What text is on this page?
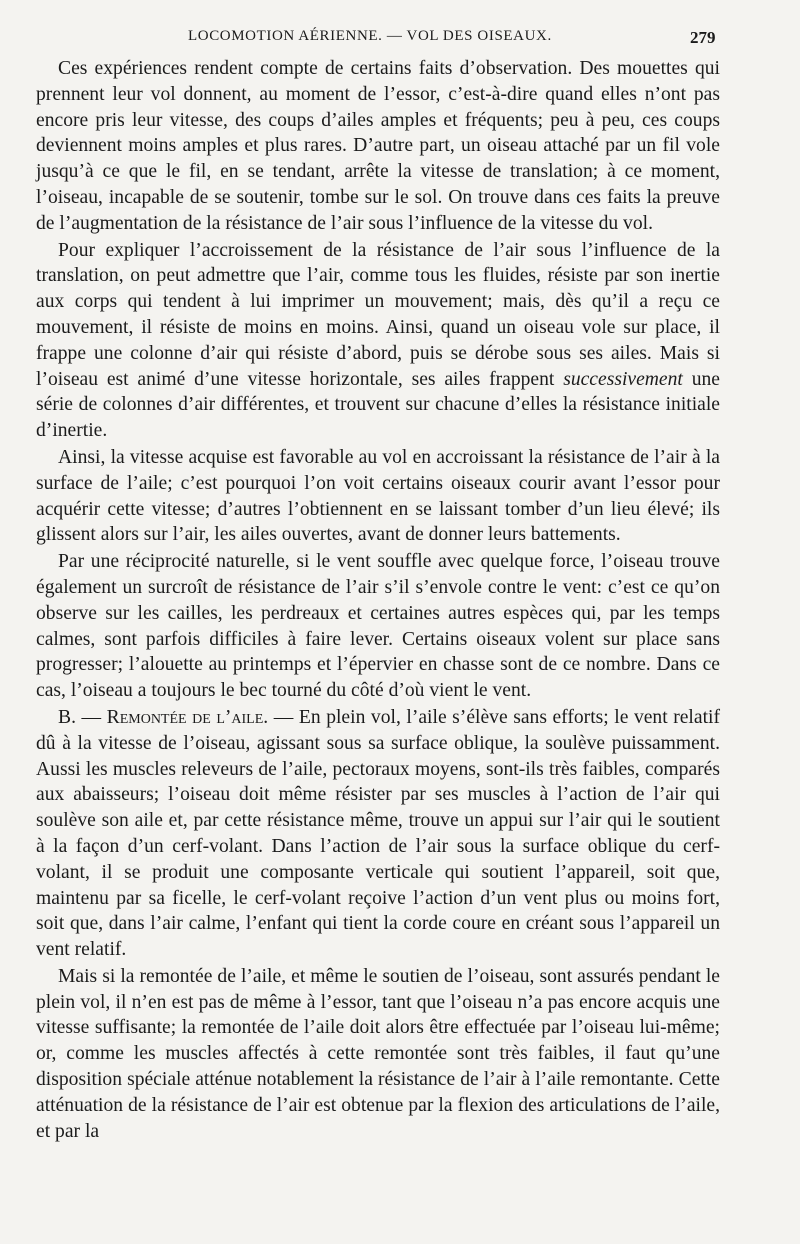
LOCOMOTION AÉRIENNE. — VOL DES OISEAUX.	279

Ces expériences rendent compte de certains faits d’observation. Des mouettes qui prennent leur vol donnent, au moment de l’essor, c’est-à-dire quand elles n’ont pas encore pris leur vitesse, des coups d’ailes amples et fréquents; peu à peu, ces coups deviennent moins amples et plus rares. D’autre part, un oiseau attaché par un fil vole jusqu’à ce que le fil, en se tendant, arrête la vitesse de translation; à ce moment, l’oiseau, incapable de se soutenir, tombe sur le sol. On trouve dans ces faits la preuve de l’augmentation de la résistance de l’air sous l’influence de la vitesse du vol.

Pour expliquer l’accroissement de la résistance de l’air sous l’influence de la translation, on peut admettre que l’air, comme tous les fluides, résiste par son inertie aux corps qui tendent à lui imprimer un mouvement; mais, dès qu’il a reçu ce mouvement, il résiste de moins en moins. Ainsi, quand un oiseau vole sur place, il frappe une colonne d’air qui résiste d’abord, puis se dérobe sous ses ailes. Mais si l’oiseau est animé d’une vitesse horizontale, ses ailes frappent successivement une série de colonnes d’air différentes, et trouvent sur chacune d’elles la résistance initiale d’inertie.

Ainsi, la vitesse acquise est favorable au vol en accroissant la résistance de l’air à la surface de l’aile; c’est pourquoi l’on voit certains oiseaux courir avant l’essor pour acquérir cette vitesse; d’autres l’obtiennent en se laissant tomber d’un lieu élevé; ils glissent alors sur l’air, les ailes ouvertes, avant de donner leurs battements.

Par une réciprocité naturelle, si le vent souffle avec quelque force, l’oiseau trouve également un surcroît de résistance de l’air s’il s’envole contre le vent: c’est ce qu’on observe sur les cailles, les perdreaux et certaines autres espèces qui, par les temps calmes, sont parfois difficiles à faire lever. Certains oiseaux volent sur place sans progresser; l’alouette au printemps et l’épervier en chasse sont de ce nombre. Dans ce cas, l’oiseau a toujours le bec tourné du côté d’où vient le vent.

B. — Remontée de l’aile. — En plein vol, l’aile s’élève sans efforts; le vent relatif dû à la vitesse de l’oiseau, agissant sous sa surface oblique, la soulève puissamment. Aussi les muscles releveurs de l’aile, pectoraux moyens, sont-ils très faibles, comparés aux abaisseurs; l’oiseau doit même résister par ses muscles à l’action de l’air qui soulève son aile et, par cette résistance même, trouve un appui sur l’air qui le soutient à la façon d’un cerf-volant. Dans l’action de l’air sous la surface oblique du cerf-volant, il se produit une composante verticale qui soutient l’appareil, soit que, maintenu par sa ficelle, le cerf-volant reçoive l’action d’un vent plus ou moins fort, soit que, dans l’air calme, l’enfant qui tient la corde coure en créant sous l’appareil un vent relatif.

Mais si la remontée de l’aile, et même le soutien de l’oiseau, sont assurés pendant le plein vol, il n’en est pas de même à l’essor, tant que l’oiseau n’a pas encore acquis une vitesse suffisante; la remontée de l’aile doit alors être effectuée par l’oiseau lui-même; or, comme les muscles affectés à cette remontée sont très faibles, il faut qu’une disposition spéciale atténue notablement la résistance de l’air à l’aile remontante. Cette atténuation de la résistance de l’air est obtenue par la flexion des articulations de l’aile, et par la
